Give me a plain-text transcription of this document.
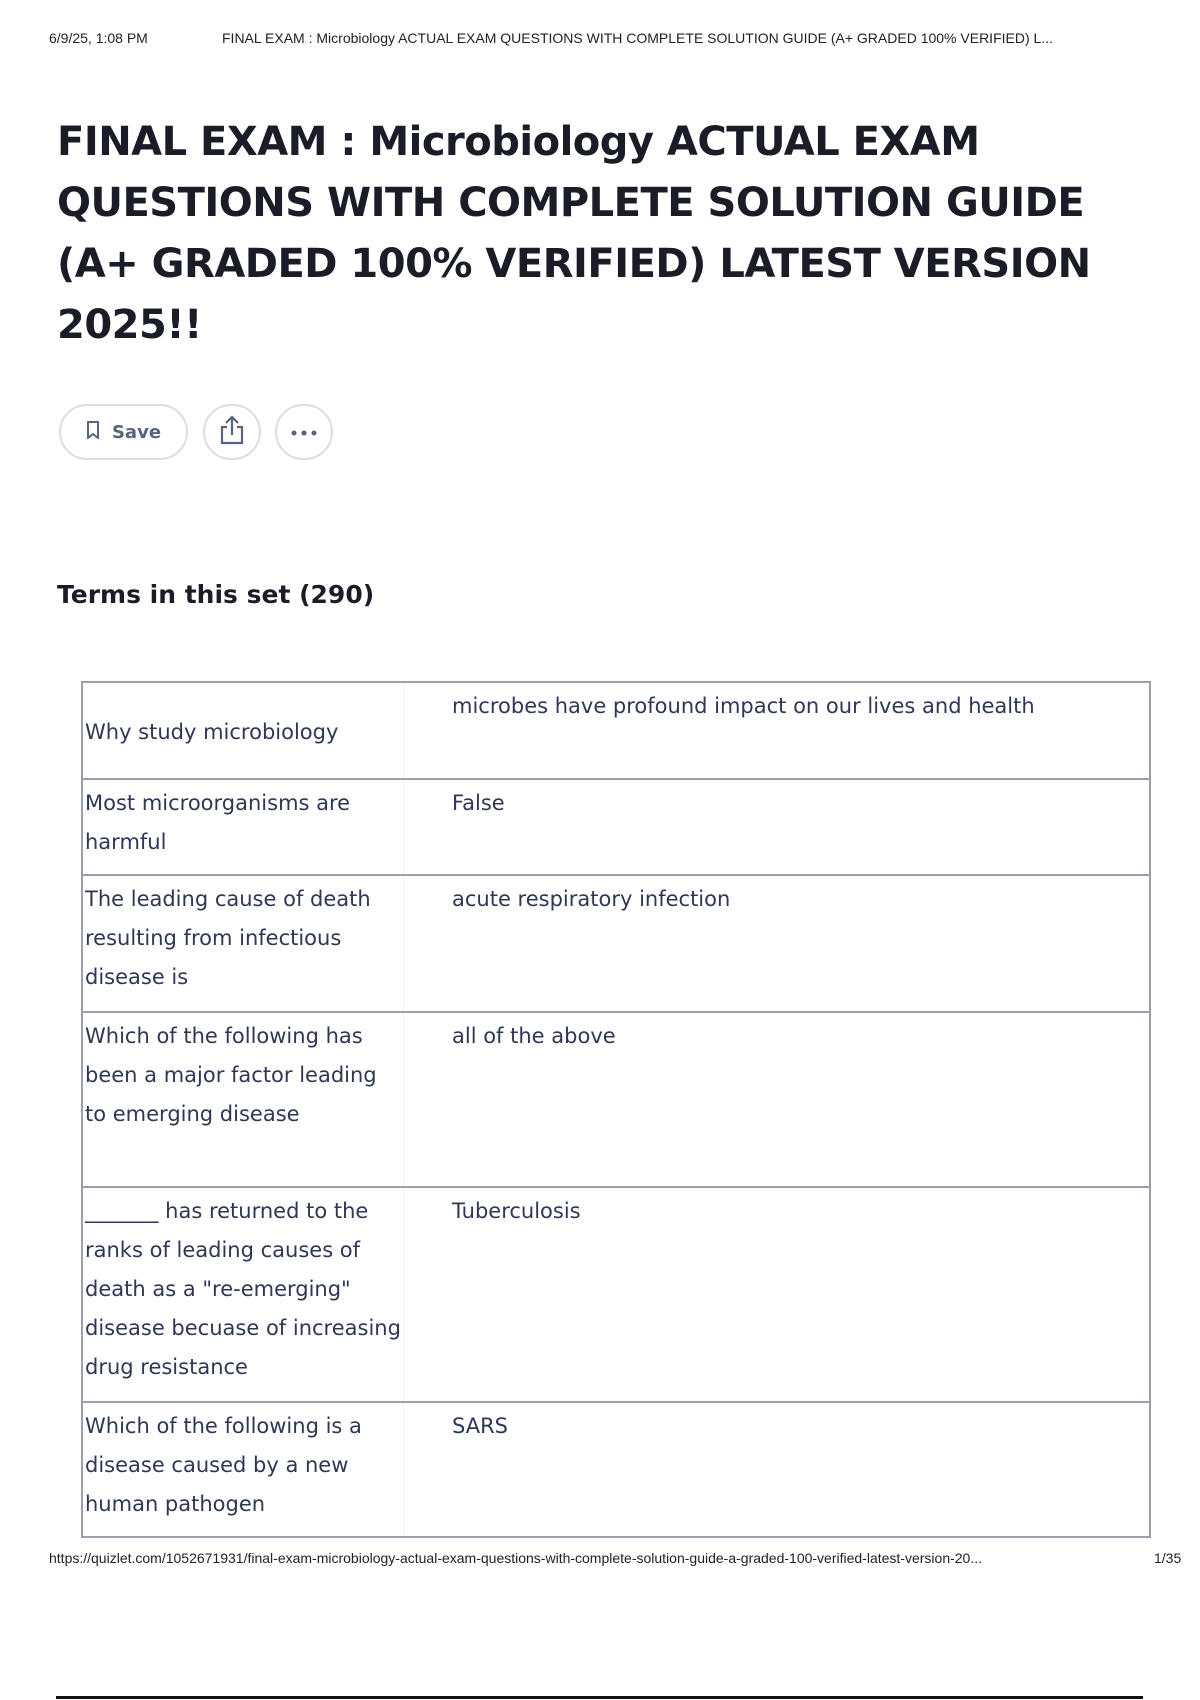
6/9/25, 1:08 PM	FINAL EXAM : Microbiology ACTUAL EXAM QUESTIONS WITH COMPLETE SOLUTION GUIDE (A+ GRADED 100% VERIFIED) L...
FINAL EXAM : Microbiology ACTUAL EXAM QUESTIONS WITH COMPLETE SOLUTION GUIDE (A+ GRADED 100% VERIFIED) LATEST VERSION 2025!!
Save
Terms in this set (290)
Why study microbiology	microbes have profound impact on our lives and health
Most microorganisms are harmful	False
The leading cause of death resulting from infectious disease is	acute respiratory infection
Which of the following has been a major factor leading to emerging disease	all of the above
_______ has returned to the ranks of leading causes of death as a "re-emerging" disease becuase of increasing drug resistance	Tuberculosis
Which of the following is a disease caused by a new human pathogen	SARS
https://quizlet.com/1052671931/final-exam-microbiology-actual-exam-questions-with-complete-solution-guide-a-graded-100-verified-latest-version-20...	1/35
